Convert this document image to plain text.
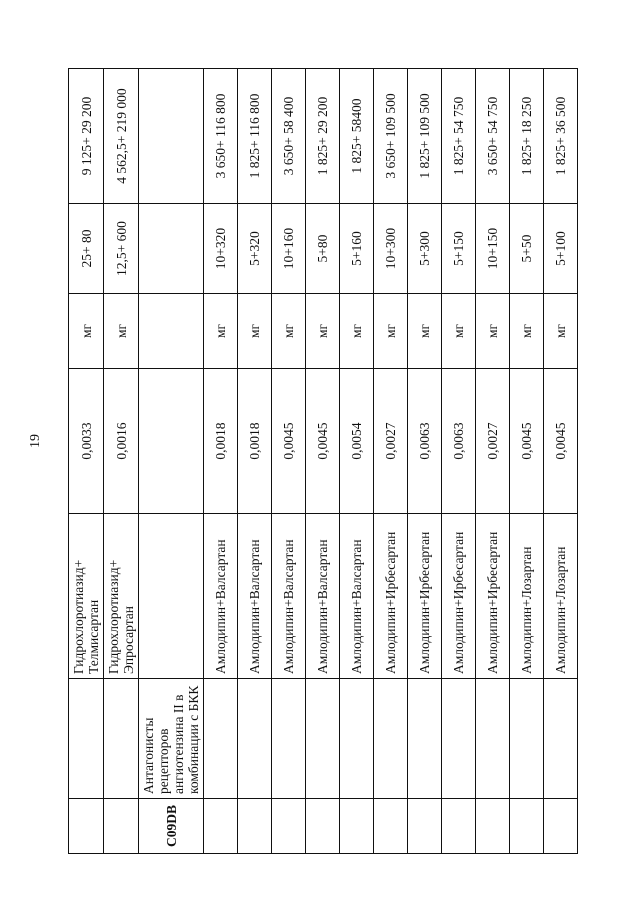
19
		Гидрохлоротиазид+ Телмисартан	0,0033	мг	25+ 80	9 125+ 29 200
		Гидрохлоротиазид+ Эпросартан	0,0016	мг	12,5+ 600	4 562,5+ 219 000
C09DB	Антагонисты рецепторов ангиотензина II в комбинации с БКК					
		Амлодипин+Валсартан	0,0018	мг	10+320	3 650+ 116 800
		Амлодипин+Валсартан	0,0018	мг	5+320	1 825+ 116 800
		Амлодипин+Валсартан	0,0045	мг	10+160	3 650+ 58 400
		Амлодипин+Валсартан	0,0045	мг	5+80	1 825+ 29 200
		Амлодипин+Валсартан	0,0054	мг	5+160	1 825+ 58400
		Амлодипин+Ирбесартан	0,0027	мг	10+300	3 650+ 109 500
		Амлодипин+Ирбесартан	0,0063	мг	5+300	1 825+ 109 500
		Амлодипин+Ирбесартан	0,0063	мг	5+150	1 825+ 54 750
		Амлодипин+Ирбесартан	0,0027	мг	10+150	3 650+ 54 750
		Амлодипин+Лозартан	0,0045	мг	5+50	1 825+ 18 250
		Амлодипин+Лозартан	0,0045	мг	5+100	1 825+ 36 500
